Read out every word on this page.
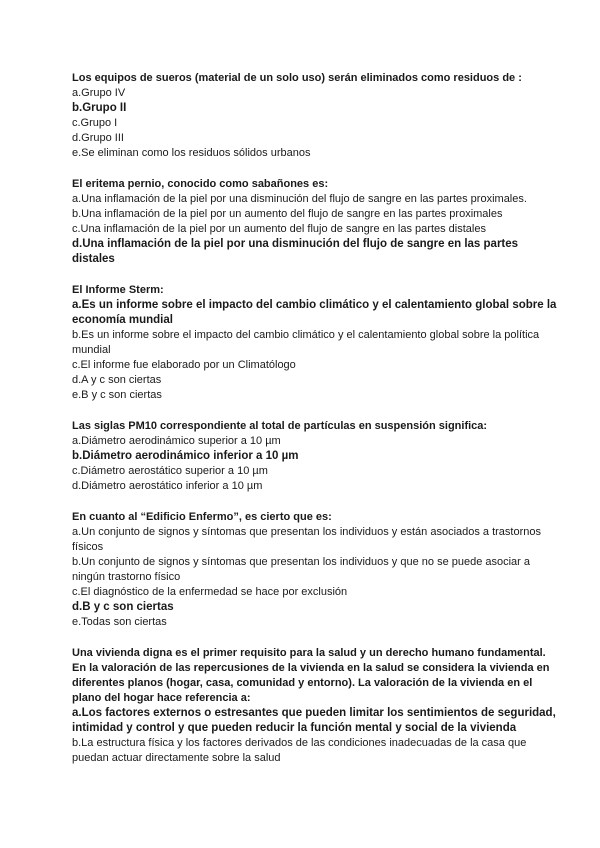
Los equipos de sueros (material de un solo uso) serán eliminados como residuos de :

a.Grupo IV

b.Grupo II

c.Grupo I

d.Grupo III

e.Se eliminan como los residuos sólidos urbanos

El eritema pernio, conocido como sabañones es:

a.Una inflamación de la piel por una disminución del flujo de sangre en las partes proximales.

b.Una inflamación de la piel por un aumento del flujo de sangre en las partes proximales

c.Una inflamación de la piel por un aumento del flujo de sangre en las partes distales

d.Una inflamación de la piel por una disminución del flujo de sangre en las partes distales

El Informe Sterm:

a.Es un informe sobre el impacto del cambio climático y el calentamiento global sobre la economía mundial

b.Es un informe sobre el impacto del cambio climático y el calentamiento global sobre la política mundial

c.El informe fue elaborado por un Climatólogo

d.A y c son ciertas

e.B y c son ciertas

Las siglas PM10 correspondiente al total de partículas en suspensión significa:

a.Diámetro aerodinámico superior a 10 µm

b.Diámetro aerodinámico inferior a 10 µm

c.Diámetro aerostático superior a 10 µm

d.Diámetro aerostático inferior a 10 µm

En cuanto al “Edificio Enfermo”, es cierto que es:

a.Un conjunto de signos y síntomas que presentan los individuos y están asociados a trastornos físicos

b.Un conjunto de signos y síntomas que presentan los individuos y que no se puede asociar a ningún trastorno físico

c.El diagnóstico de la enfermedad se hace por exclusión

d.B y c son ciertas

e.Todas son ciertas

Una vivienda digna es el primer requisito para la salud y un derecho humano fundamental. En la valoración de las repercusiones de la vivienda en la salud se considera la vivienda en diferentes planos (hogar, casa, comunidad y entorno). La valoración de la vivienda en el plano del hogar hace referencia a:

a.Los factores externos o estresantes que pueden limitar los sentimientos de seguridad, intimidad y control y que pueden reducir la función mental y social de la vivienda

b.La estructura física y los factores derivados de las condiciones inadecuadas de la casa que puedan actuar directamente sobre la salud
